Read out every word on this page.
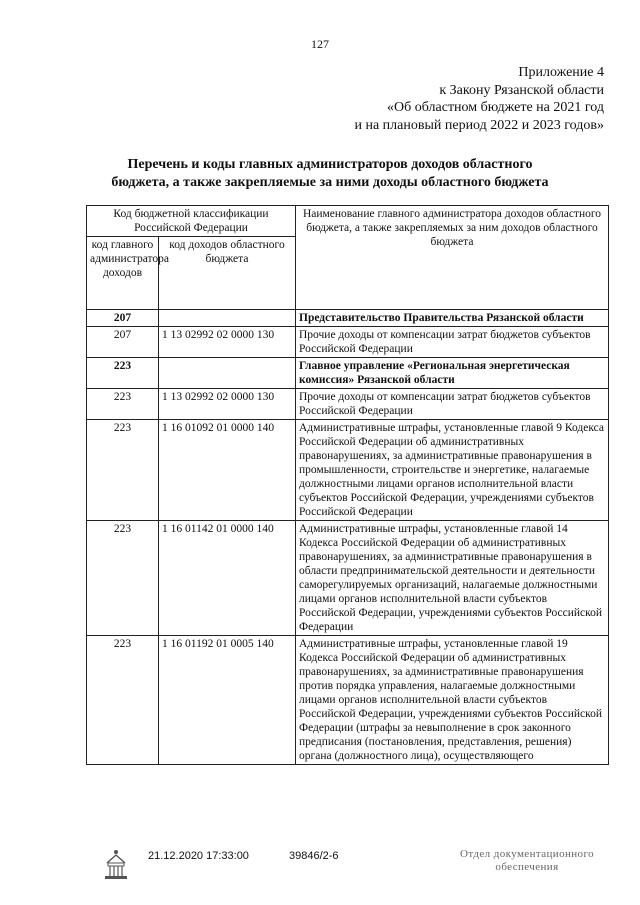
127
Приложение 4
к Закону Рязанской области
«Об областном бюджете на 2021 год
и на плановый период 2022 и 2023 годов»
Перечень и коды главных администраторов доходов областного
бюджета, а также закрепляемые за ними доходы областного бюджета
Код бюджетной классификации Российской Федерации		Наименование главного администратора доходов областного бюджета, а также закрепляемых за ним доходов областного бюджета
код главного администратора доходов	код доходов областного бюджета	
207		Представительство Правительства Рязанской области
207	1 13 02992 02 0000 130	Прочие доходы от компенсации затрат бюджетов субъектов Российской Федерации
223		Главное управление «Региональная энергетическая комиссия» Рязанской области
223	1 13 02992 02 0000 130	Прочие доходы от компенсации затрат бюджетов субъектов Российской Федерации
223	1 16 01092 01 0000 140	Административные штрафы, установленные главой 9 Кодекса Российской Федерации об административных правонарушениях, за административные правонарушения в промышленности, строительстве и энергетике, налагаемые должностными лицами органов исполнительной власти субъектов Российской Федерации, учреждениями субъектов Российской Федерации
223	1 16 01142 01 0000 140	Административные штрафы, установленные главой 14 Кодекса Российской Федерации об административных правонарушениях, за административные правонарушения в области предпринимательской деятельности и деятельности саморегулируемых организаций, налагаемые должностными лицами органов исполнительной власти субъектов Российской Федерации, учреждениями субъектов Российской Федерации
223	1 16 01192 01 0005 140	Административные штрафы, установленные главой 19 Кодекса Российской Федерации об административных правонарушениях, за административные правонарушения против порядка управления, налагаемые должностными лицами органов исполнительной власти субъектов Российской Федерации, учреждениями субъектов Российской Федерации (штрафы за невыполнение в срок законного предписания (постановления, представления, решения) органа (должностного лица), осуществляющего
21.12.2020 17:33:00	39846/2-6	Отдел документационного
обеспечения
